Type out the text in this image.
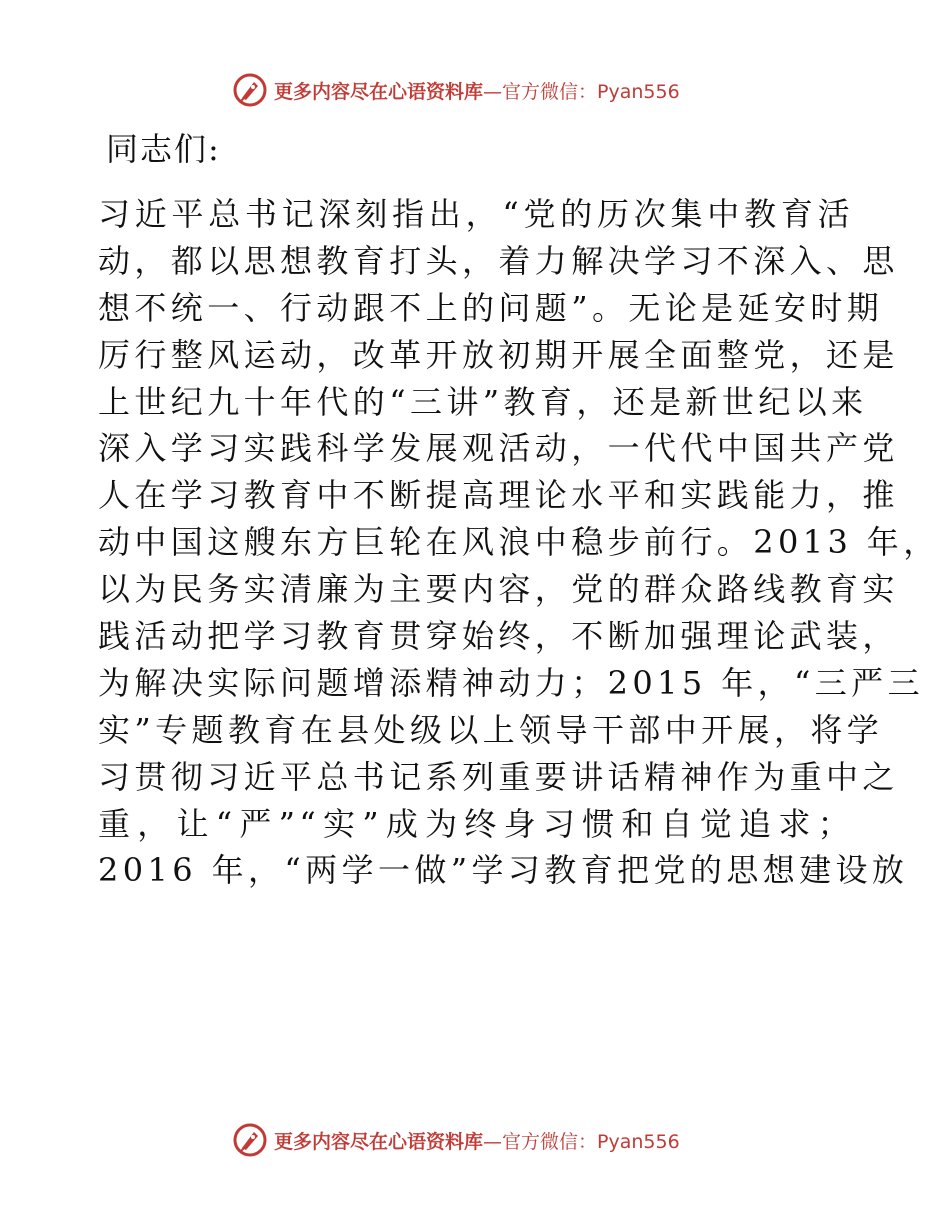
更多内容尽在心语资料库—官方微信：Pyan556
同志们:
习近平总书记深刻指出，“党的历次集中教育活
动，都以思想教育打头，着力解决学习不深入、思
想不统一、行动跟不上的问题”。无论是延安时期
厉行整风运动，改革开放初期开展全面整党，还是
上世纪九十年代的“三讲”教育，还是新世纪以来
深入学习实践科学发展观活动，一代代中国共产党
人在学习教育中不断提高理论水平和实践能力，推
动中国这艘东方巨轮在风浪中稳步前行。2013 年，
以为民务实清廉为主要内容，党的群众路线教育实
践活动把学习教育贯穿始终，不断加强理论武装，
为解决实际问题增添精神动力；2015 年，“三严三
实”专题教育在县处级以上领导干部中开展，将学
习贯彻习近平总书记系列重要讲话精神作为重中之
重，让“严”“实”成为终身习惯和自觉追求；
2016 年，“两学一做”学习教育把党的思想建设放
更多内容尽在心语资料库—官方微信：Pyan556
